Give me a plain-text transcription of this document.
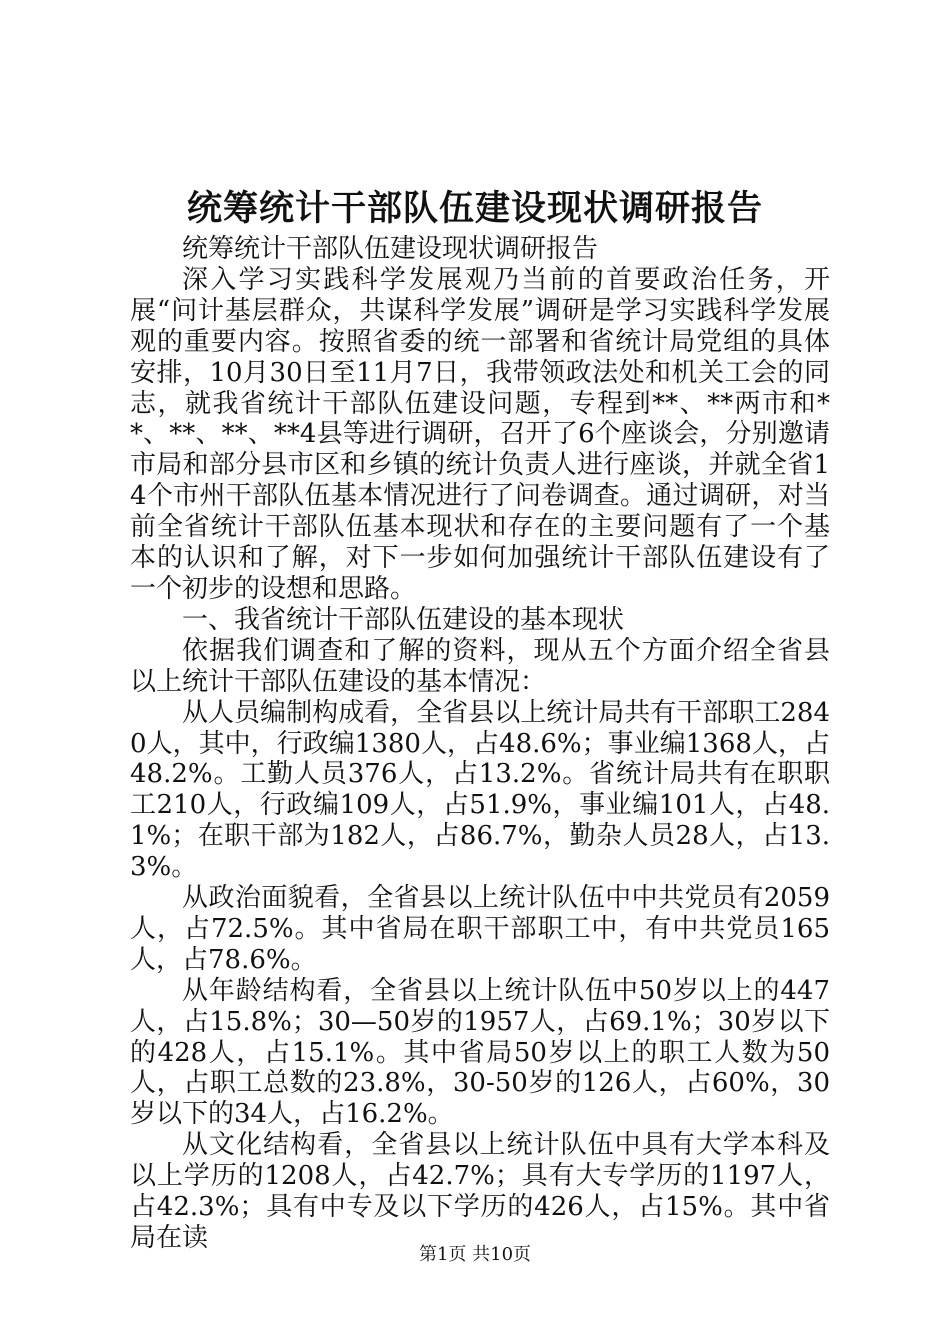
统筹统计干部队伍建设现状调研报告

统筹统计干部队伍建设现状调研报告

深入学习实践科学发展观乃当前的首要政治任务，开展“问计基层群众，共谋科学发展”调研是学习实践科学发展观的重要内容。按照省委的统一部署和省统计局党组的具体安排，10月30日至11月7日，我带领政法处和机关工会的同志，就我省统计干部队伍建设问题，专程到**、**两市和**、**、**、**4县等进行调研，召开了6个座谈会，分别邀请市局和部分县市区和乡镇的统计负责人进行座谈，并就全省14个市州干部队伍基本情况进行了问卷调查。通过调研，对当前全省统计干部队伍基本现状和存在的主要问题有了一个基本的认识和了解，对下一步如何加强统计干部队伍建设有了一个初步的设想和思路。

一、我省统计干部队伍建设的基本现状

依据我们调查和了解的资料，现从五个方面介绍全省县以上统计干部队伍建设的基本情况：

从人员编制构成看，全省县以上统计局共有干部职工2840人，其中，行政编1380人，占48.6%；事业编1368人，占48.2%。工勤人员376人，占13.2%。省统计局共有在职职工210人，行政编109人，占51.9%，事业编101人，占48.1%；在职干部为182人，占86.7%，勤杂人员28人，占13.3%。

从政治面貌看，全省县以上统计队伍中中共党员有2059人，占72.5%。其中省局在职干部职工中，有中共党员165人，占78.6%。

从年龄结构看，全省县以上统计队伍中50岁以上的447人，占15.8%；30—50岁的1957人，占69.1%；30岁以下的428人，占15.1%。其中省局50岁以上的职工人数为50人，占职工总数的23.8%，30-50岁的126人，占60%，30岁以下的34人，占16.2%。

从文化结构看，全省县以上统计队伍中具有大学本科及以上学历的1208人，占42.7%；具有大专学历的1197人，占42.3%；具有中专及以下学历的426人，占15%。其中省局在读

第1页 共10页
